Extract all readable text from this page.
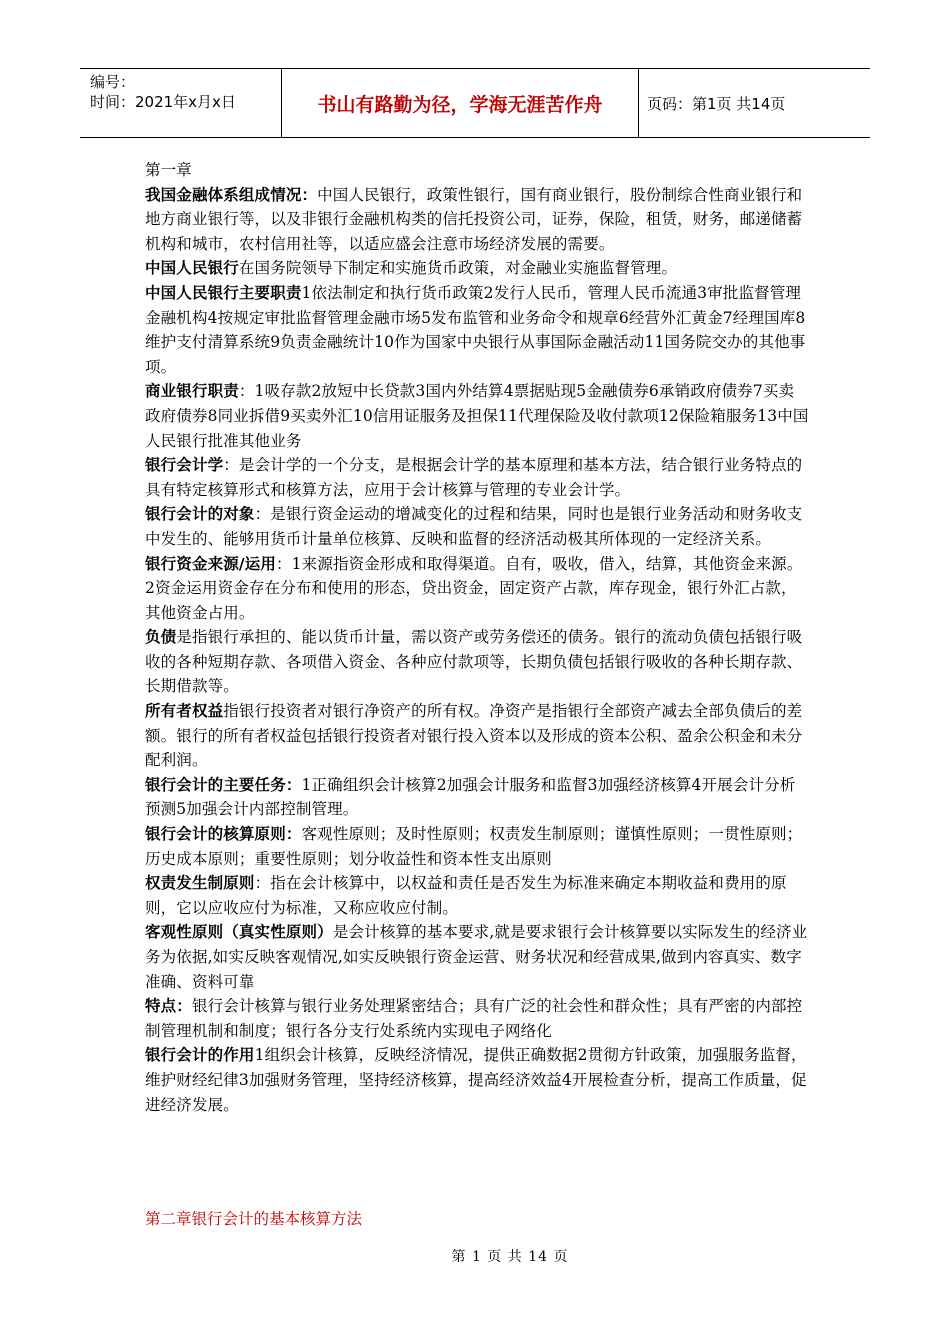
编号：
时间：2021年x月x日	书山有路勤为径，学海无涯苦作舟	页码：第1页 共14页

第一章

我国金融体系组成情况：中国人民银行，政策性银行，国有商业银行，股份制综合性商业银行和地方商业银行等，以及非银行金融机构类的信托投资公司，证券，保险，租赁，财务，邮递储蓄机构和城市，农村信用社等，以适应盛会注意市场经济发展的需要。

中国人民银行在国务院领导下制定和实施货币政策，对金融业实施监督管理。

中国人民银行主要职责1依法制定和执行货币政策2发行人民币，管理人民币流通3审批监督管理金融机构4按规定审批监督管理金融市场5发布监管和业务命令和规章6经营外汇黄金7经理国库8维护支付清算系统9负责金融统计10作为国家中央银行从事国际金融活动11国务院交办的其他事项。

商业银行职责：1吸存款2放短中长贷款3国内外结算4票据贴现5金融债券6承销政府债券7买卖政府债券8同业拆借9买卖外汇10信用证服务及担保11代理保险及收付款项12保险箱服务13中国人民银行批准其他业务

银行会计学：是会计学的一个分支，是根据会计学的基本原理和基本方法，结合银行业务特点的具有特定核算形式和核算方法，应用于会计核算与管理的专业会计学。

银行会计的对象：是银行资金运动的增减变化的过程和结果，同时也是银行业务活动和财务收支中发生的、能够用货币计量单位核算、反映和监督的经济活动极其所体现的一定经济关系。

银行资金来源/运用：1来源指资金形成和取得渠道。自有，吸收，借入，结算，其他资金来源。2资金运用资金存在分布和使用的形态，贷出资金，固定资产占款，库存现金，银行外汇占款，其他资金占用。

负债是指银行承担的、能以货币计量，需以资产或劳务偿还的债务。银行的流动负债包括银行吸收的各种短期存款、各项借入资金、各种应付款项等，长期负债包括银行吸收的各种长期存款、长期借款等。

所有者权益指银行投资者对银行净资产的所有权。净资产是指银行全部资产减去全部负债后的差额。银行的所有者权益包括银行投资者对银行投入资本以及形成的资本公积、盈余公积金和未分配利润。

银行会计的主要任务：1正确组织会计核算2加强会计服务和监督3加强经济核算4开展会计分析预测5加强会计内部控制管理。

银行会计的核算原则：客观性原则；及时性原则；权责发生制原则；谨慎性原则；一贯性原则；历史成本原则；重要性原则；划分收益性和资本性支出原则

权责发生制原则：指在会计核算中，以权益和责任是否发生为标准来确定本期收益和费用的原则，它以应收应付为标准，又称应收应付制。

客观性原则（真实性原则）是会计核算的基本要求,就是要求银行会计核算要以实际发生的经济业务为依据,如实反映客观情况,如实反映银行资金运营、财务状况和经营成果,做到内容真实、数字准确、资料可靠

特点：银行会计核算与银行业务处理紧密结合；具有广泛的社会性和群众性；具有严密的内部控制管理机制和制度；银行各分支行处系统内实现电子网络化

银行会计的作用1组织会计核算，反映经济情况，提供正确数据2贯彻方针政策，加强服务监督，维护财经纪律3加强财务管理，坚持经济核算，提高经济效益4开展检查分析，提高工作质量，促进经济发展。

第二章银行会计的基本核算方法
第 1 页 共 14 页
